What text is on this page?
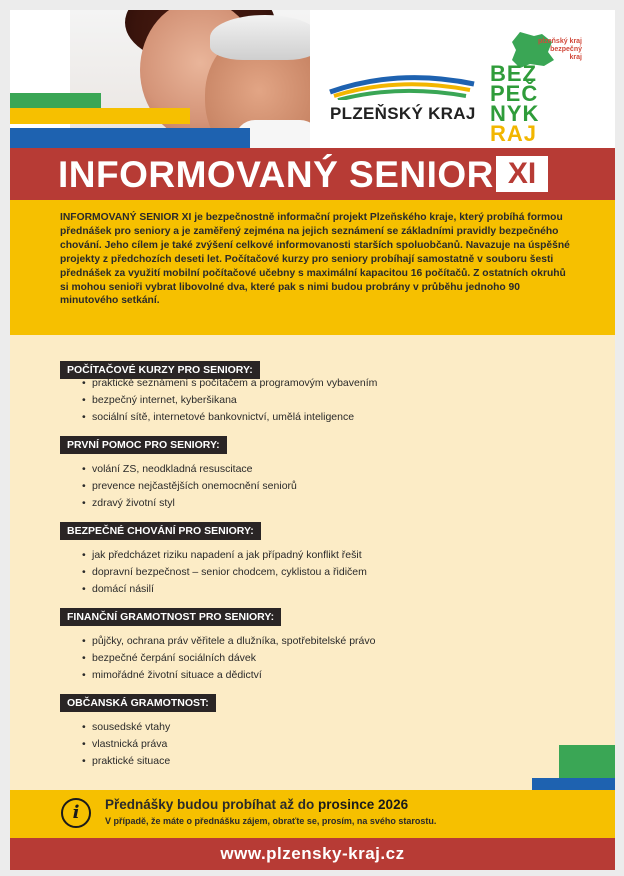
PLZEŇSKÝ KRAJ
plzeňský kraj
bezpečný kraj
BEZ
PEČ
NYK
RAJ
INFORMOVANÝ SENIOR XI

INFORMOVANÝ SENIOR XI je bezpečnostně informační projekt Plzeňského kraje, který probíhá formou přednášek pro seniory a je zaměřený zejména na jejich seznámení se základními pravidly bezpečného chování. Jeho cílem je také zvýšení celkové informovanosti starších spoluobčanů. Navazuje na úspěšné projekty z předchozích deseti let. Počítačové kurzy pro seniory probíhají samostatně v souboru šesti přednášek za využití mobilní počítačové učebny s maximální kapacitou 16 počítačů. Z ostatních okruhů si mohou senioři vybrat libovolné dva, které pak s nimi budou probrány v průběhu jednoho 90 minutového setkání.

POČÍTAČOVÉ KURZY PRO SENIORY:
• praktické seznámení s počítačem a programovým vybavením
• bezpečný internet, kyberšikana
• sociální sítě, internetové bankovnictví, umělá inteligence
PRVNÍ POMOC PRO SENIORY:
• volání ZS, neodkladná resuscitace
• prevence nejčastějších onemocnění seniorů
• zdravý životní styl
BEZPEČNÉ CHOVÁNÍ PRO SENIORY:
• jak předcházet riziku napadení a jak případný konflikt řešit
• dopravní bezpečnost – senior chodcem, cyklistou a řidičem
• domácí násilí
FINANČNÍ GRAMOTNOST PRO SENIORY:
• půjčky, ochrana práv věřitele a dlužníka, spotřebitelské právo
• bezpečné čerpání sociálních dávek
• mimořádné životní situace a dědictví
OBČANSKÁ GRAMOTNOST:
• sousedské vtahy
• vlastnická práva
• praktické situace
i	Přednášky budou probíhat až do prosince 2026
V případě, že máte o přednášku zájem, obraťte se, prosím, na svého starostu.
www.plzensky-kraj.cz
